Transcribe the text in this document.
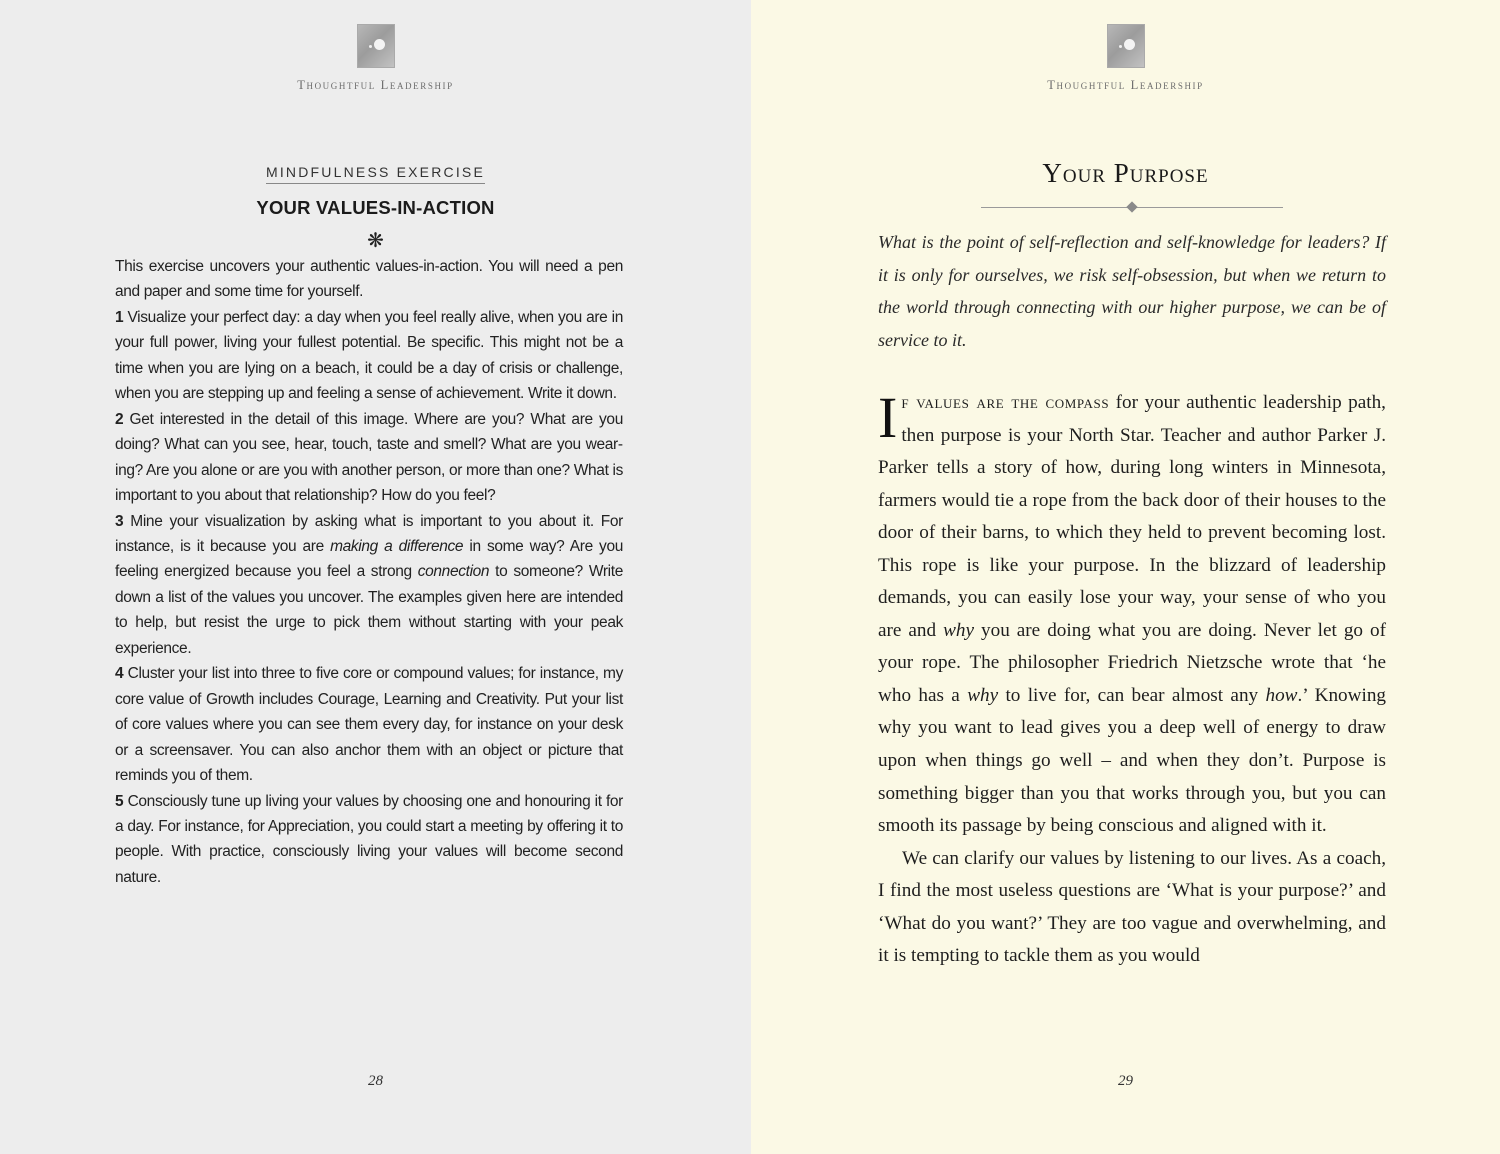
Thoughtful Leadership
MINDFULNESS EXERCISE
YOUR VALUES-IN-ACTION
❋

This exercise uncovers your authentic values-in-action. You will need a pen and paper and some time for yourself.

1 Visualize your perfect day: a day when you feel really alive, when you are in your full power, living your fullest potential. Be specific. This might not be a time when you are lying on a beach, it could be a day of crisis or challenge, when you are stepping up and feeling a sense of achievement. Write it down.

2 Get interested in the detail of this image. Where are you? What are you doing? What can you see, hear, touch, taste and smell? What are you wearing? Are you alone or are you with another person, or more than one? What is important to you about that relationship? How do you feel?

3 Mine your visualization by asking what is important to you about it. For instance, is it because you are making a difference in some way? Are you feeling energized because you feel a strong connection to someone? Write down a list of the values you uncover. The examples given here are intended to help, but resist the urge to pick them without starting with your peak experience.

4 Cluster your list into three to five core or compound values; for instance, my core value of Growth includes Courage, Learning and Creativity. Put your list of core values where you can see them every day, for instance on your desk or a screensaver. You can also anchor them with an object or picture that reminds you of them.

5 Consciously tune up living your values by choosing one and honouring it for a day. For instance, for Appreciation, you could start a meeting by offering it to people. With practice, consciously living your values will become second nature.

28
Thoughtful Leadership
Your Purpose

What is the point of self-reflection and self-knowledge for leaders? If it is only for ourselves, we risk self-obsession, but when we return to the world through connecting with our higher purpose, we can be of service to it.

If values are the compass for your authentic leadership path, then purpose is your North Star. Teacher and author Parker J. Parker tells a story of how, during long winters in Minnesota, farmers would tie a rope from the back door of their houses to the door of their barns, to which they held to prevent becoming lost. This rope is like your purpose. In the blizzard of leadership demands, you can easily lose your way, your sense of who you are and why you are doing what you are doing. Never let go of your rope. The philosopher Friedrich Nietzsche wrote that ‘he who has a why to live for, can bear almost any how.’ Knowing why you want to lead gives you a deep well of energy to draw upon when things go well – and when they don’t. Purpose is something bigger than you that works through you, but you can smooth its passage by being conscious and aligned with it.

We can clarify our values by listening to our lives. As a coach, I find the most useless questions are ‘What is your purpose?’ and ‘What do you want?’ They are too vague and overwhelming, and it is tempting to tackle them as you would

29
